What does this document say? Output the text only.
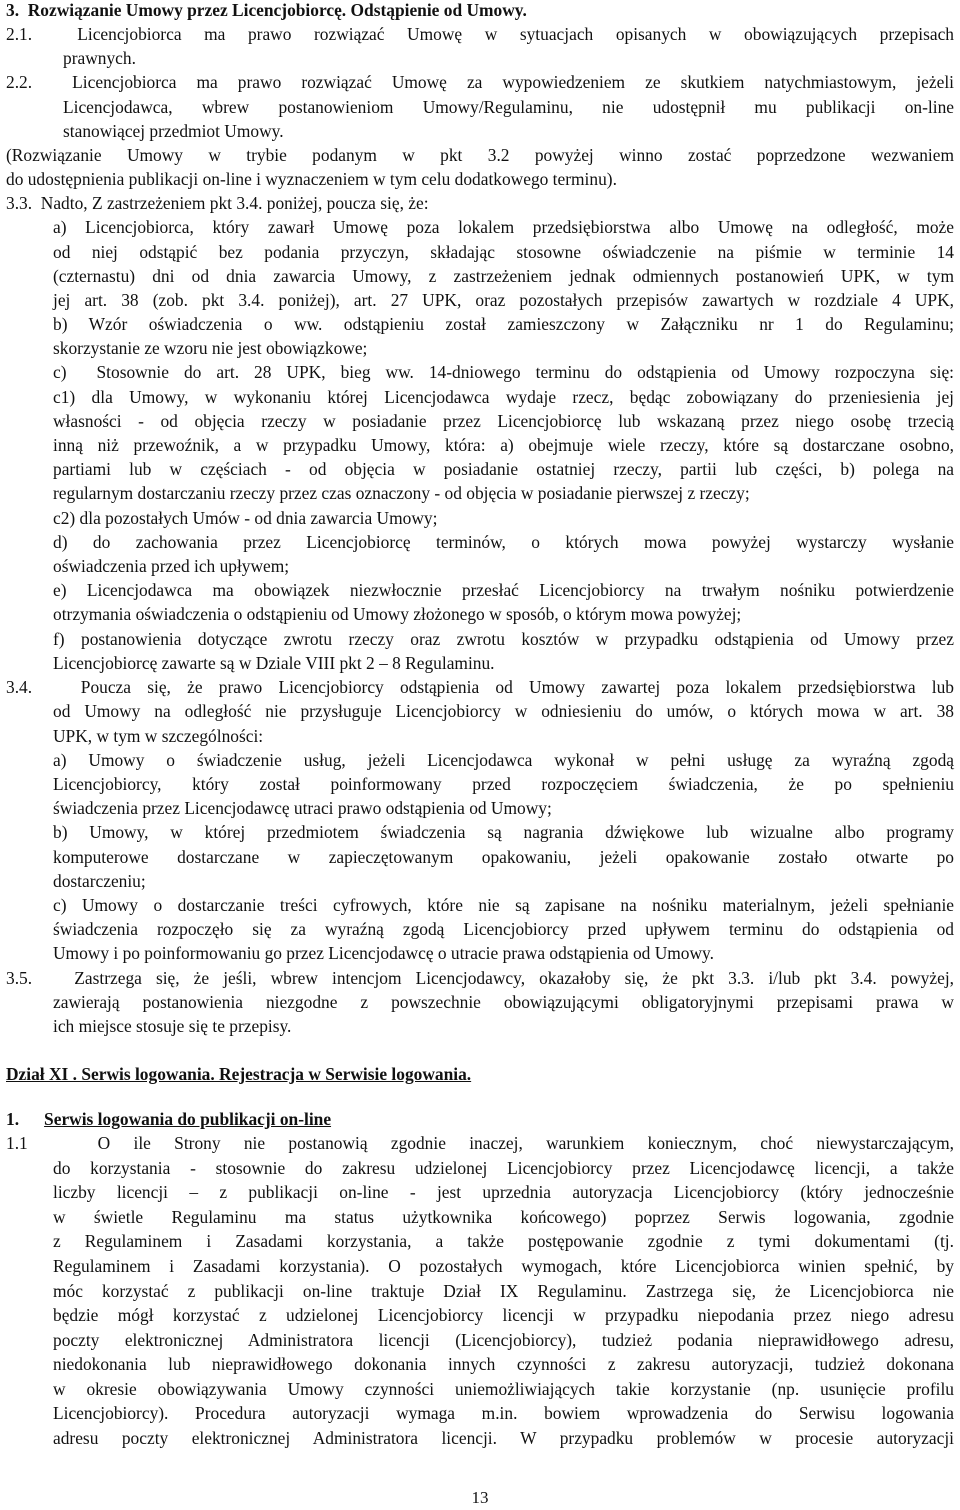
3.  Rozwiązanie Umowy przez Licencjobiorcę. Odstąpienie od Umowy.
2.1.  Licencjobiorca ma prawo rozwiązać Umowę w sytuacjach opisanych w obowiązujących przepisach
prawnych.
2.2.  Licencjobiorca ma prawo rozwiązać Umowę za wypowiedzeniem ze skutkiem natychmiastowym, jeżeli
Licencjodawca, wbrew postanowieniom Umowy/Regulaminu, nie udostępnił mu publikacji on-line
stanowiącej przedmiot Umowy.
(Rozwiązanie Umowy w trybie podanym w pkt 3.2 powyżej winno zostać poprzedzone wezwaniem
do udostępnienia publikacji on-line i wyznaczeniem w tym celu dodatkowego terminu).
3.3.  Nadto, Z zastrzeżeniem pkt 3.4. poniżej, poucza się, że:
a) Licencjobiorca, który zawarł Umowę poza lokalem przedsiębiorstwa albo Umowę na odległość, może
od niej odstąpić bez podania przyczyn, składając stosowne oświadczenie na piśmie w terminie 14
(czternastu) dni od dnia zawarcia Umowy, z zastrzeżeniem jednak odmiennych postanowień UPK, w tym
jej art. 38 (zob. pkt 3.4. poniżej), art. 27 UPK, oraz pozostałych przepisów zawartych w rozdziale 4 UPK,
b) Wzór oświadczenia o ww. odstąpieniu został zamieszczony w Załączniku nr 1 do Regulaminu;
skorzystanie ze wzoru nie jest obowiązkowe;
c)  Stosownie do art. 28 UPK, bieg ww. 14-dniowego terminu do odstąpienia od Umowy rozpoczyna się:
c1) dla Umowy, w wykonaniu której Licencjodawca wydaje rzecz, będąc zobowiązany do przeniesienia jej
własności - od objęcia rzeczy w posiadanie przez Licencjobiorcę lub wskazaną przez niego osobę trzecią
inną niż przewoźnik, a w przypadku Umowy, która: a) obejmuje wiele rzeczy, które są dostarczane osobno,
partiami lub w częściach - od objęcia w posiadanie ostatniej rzeczy, partii lub części, b) polega na
regularnym dostarczaniu rzeczy przez czas oznaczony - od objęcia w posiadanie pierwszej z rzeczy;
c2) dla pozostałych Umów - od dnia zawarcia Umowy;
d) do zachowania przez Licencjobiorcę terminów, o których mowa powyżej wystarczy wysłanie
oświadczenia przed ich upływem;
e) Licencjodawca ma obowiązek niezwłocznie przesłać Licencjobiorcy na trwałym nośniku potwierdzenie
otrzymania oświadczenia o odstąpieniu od Umowy złożonego w sposób, o którym mowa powyżej;
f) postanowienia dotyczące zwrotu rzeczy oraz zwrotu kosztów w przypadku odstąpienia od Umowy przez
Licencjobiorcę zawarte są w Dziale VIII pkt 2 – 8 Regulaminu.
3.4.   Poucza się, że prawo Licencjobiorcy odstąpienia od Umowy zawartej poza lokalem przedsiębiorstwa lub
od Umowy na odległość nie przysługuje Licencjobiorcy w odniesieniu do umów, o których mowa w art. 38
UPK, w tym w szczególności:
a) Umowy o świadczenie usług, jeżeli Licencjodawca wykonał w pełni usługę za wyraźną zgodą
Licencjobiorcy, który został poinformowany przed rozpoczęciem świadczenia, że po spełnieniu
świadczenia przez Licencjodawcę utraci prawo odstąpienia od Umowy;
b) Umowy, w której przedmiotem świadczenia są nagrania dźwiękowe lub wizualne albo programy
komputerowe dostarczane w zapieczętowanym opakowaniu, jeżeli opakowanie zostało otwarte po
dostarczeniu;
c) Umowy o dostarczanie treści cyfrowych, które nie są zapisane na nośniku materialnym, jeżeli spełnianie
świadczenia rozpoczęło się za wyraźną zgodą Licencjobiorcy przed upływem terminu do odstąpienia od
Umowy i po poinformowaniu go przez Licencjodawcę o utracie prawa odstąpienia od Umowy.
3.5.   Zastrzega się, że jeśli, wbrew intencjom Licencjodawcy, okazałoby się, że pkt 3.3. i/lub pkt 3.4. powyżej,
zawierają postanowienia niezgodne z powszechnie obowiązującymi obligatoryjnymi przepisami prawa w
ich miejsce stosuje się te przepisy.
Dział XI . Serwis logowania. Rejestracja w Serwisie logowania.
1. Serwis logowania do publikacji on-line
1.1   O ile Strony nie postanowią zgodnie inaczej, warunkiem koniecznym, choć niewystarczającym,
do korzystania - stosownie do zakresu udzielonej Licencjobiorcy przez Licencjodawcę licencji, a także
liczby licencji – z publikacji on-line - jest uprzednia autoryzacja Licencjobiorcy (który jednocześnie
w świetle Regulaminu ma status użytkownika końcowego) poprzez Serwis logowania, zgodnie
z Regulaminem i Zasadami korzystania, a także postępowanie zgodnie z tymi dokumentami (tj.
Regulaminem i Zasadami korzystania). O pozostałych wymogach, które Licencjobiorca winien spełnić, by
móc korzystać z publikacji on-line traktuje Dział IX Regulaminu. Zastrzega się, że Licencjobiorca nie
będzie mógł korzystać z udzielonej Licencjobiorcy licencji w przypadku niepodania przez niego adresu
poczty elektronicznej Administratora licencji (Licencjobiorcy), tudzież podania nieprawidłowego adresu,
niedokonania lub nieprawidłowego dokonania innych czynności z zakresu autoryzacji, tudzież dokonana
w okresie obowiązywania Umowy czynności uniemożliwiających takie korzystanie (np. usunięcie profilu
Licencjobiorcy). Procedura autoryzacji wymaga m.in. bowiem wprowadzenia do Serwisu logowania
adresu poczty elektronicznej Administratora licencji. W przypadku problemów w procesie autoryzacji
13
